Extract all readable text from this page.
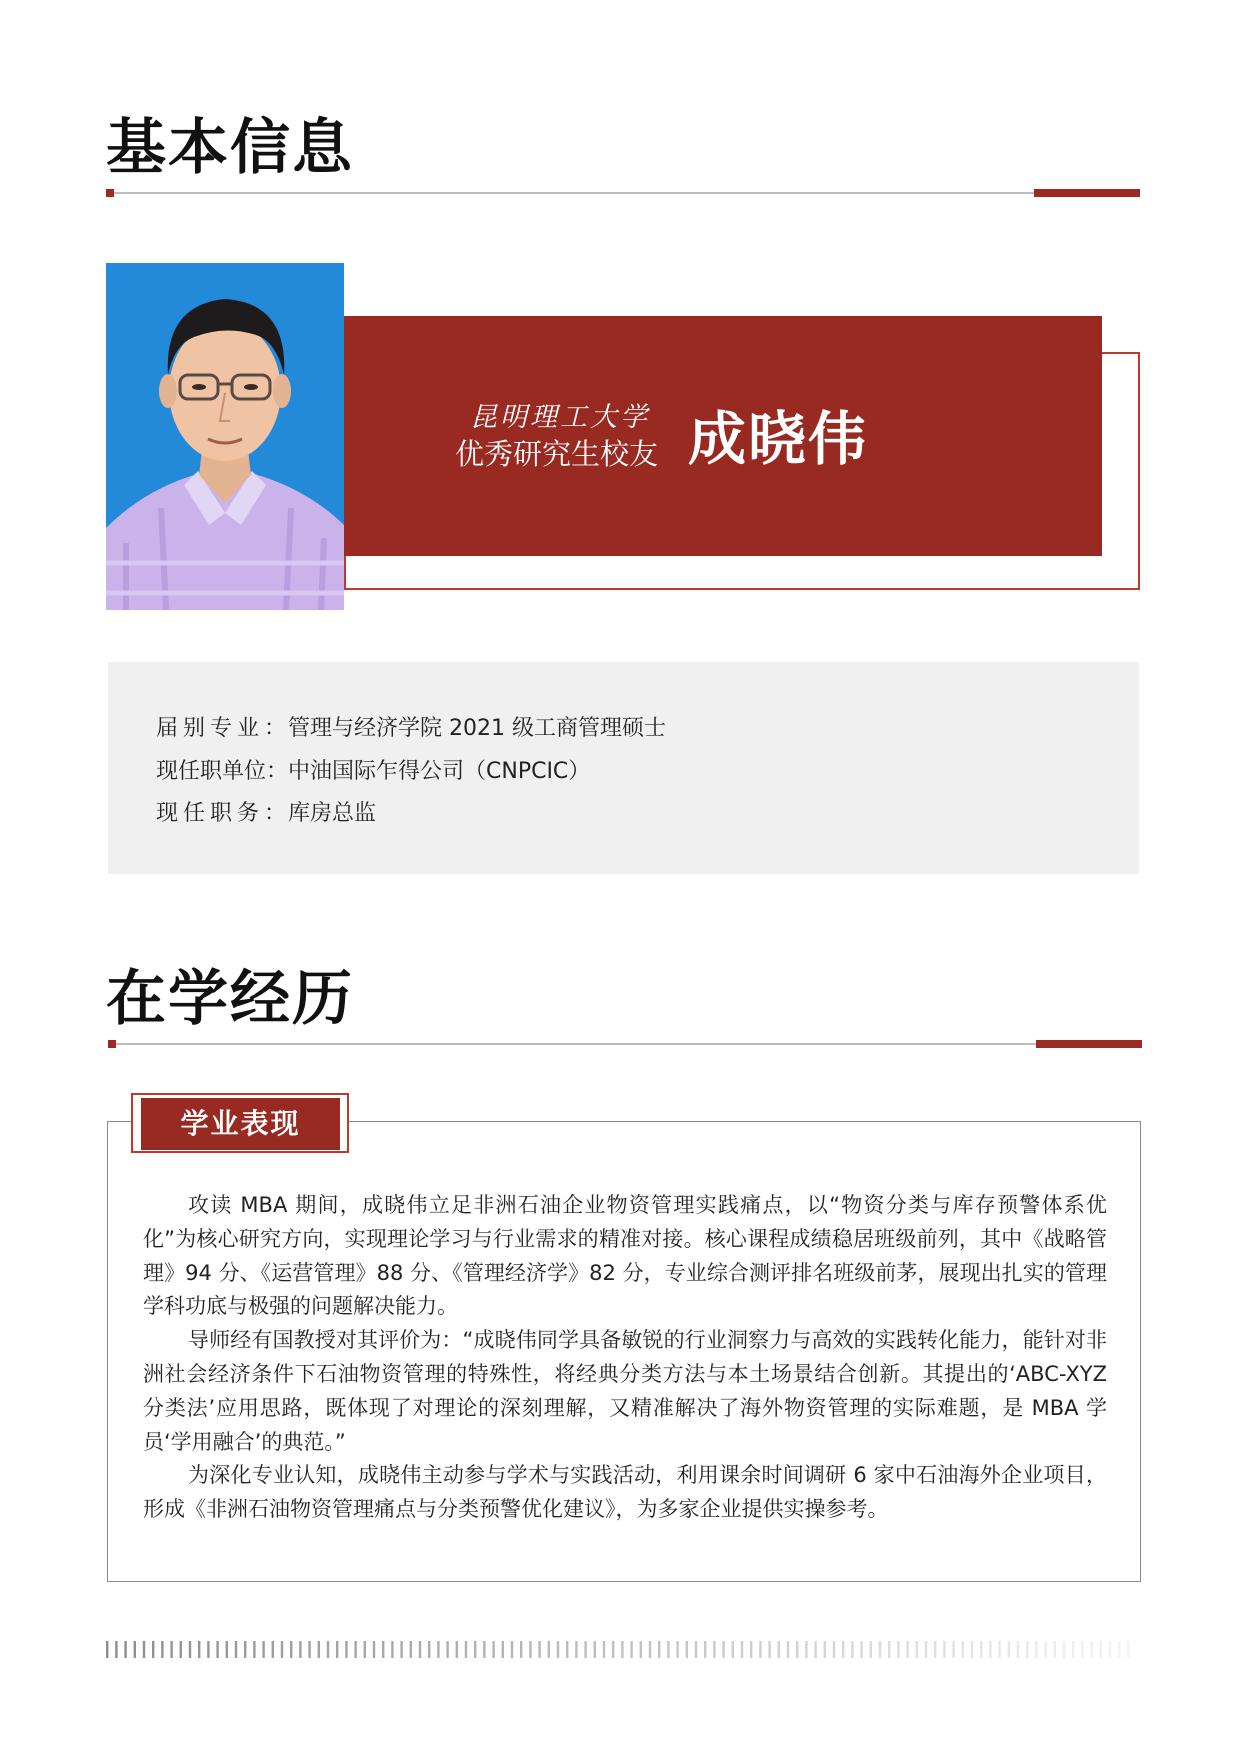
基本信息
昆明理工大学
优秀研究生校友 成晓伟
届别专业：管理与经济学院 2021 级工商管理硕士
现任职单位：中油国际乍得公司（CNPCIC）
现任职务：库房总监
在学经历
学业表现

攻读 MBA 期间，成晓伟立足非洲石油企业物资管理实践痛点，以“物资分类与库存预警体系优化”为核心研究方向，实现理论学习与行业需求的精准对接。核心课程成绩稳居班级前列，其中《战略管理》94 分、《运营管理》88 分、《管理经济学》82 分，专业综合测评排名班级前茅，展现出扎实的管理学科功底与极强的问题解决能力。

导师经有国教授对其评价为：“成晓伟同学具备敏锐的行业洞察力与高效的实践转化能力，能针对非洲社会经济条件下石油物资管理的特殊性，将经典分类方法与本土场景结合创新。其提出的‘ABC-XYZ 分类法’应用思路，既体现了对理论的深刻理解，又精准解决了海外物资管理的实际难题，是 MBA 学员‘学用融合’的典范。”

为深化专业认知，成晓伟主动参与学术与实践活动，利用课余时间调研 6 家中石油海外企业项目，形成《非洲石油物资管理痛点与分类预警优化建议》，为多家企业提供实操参考。
